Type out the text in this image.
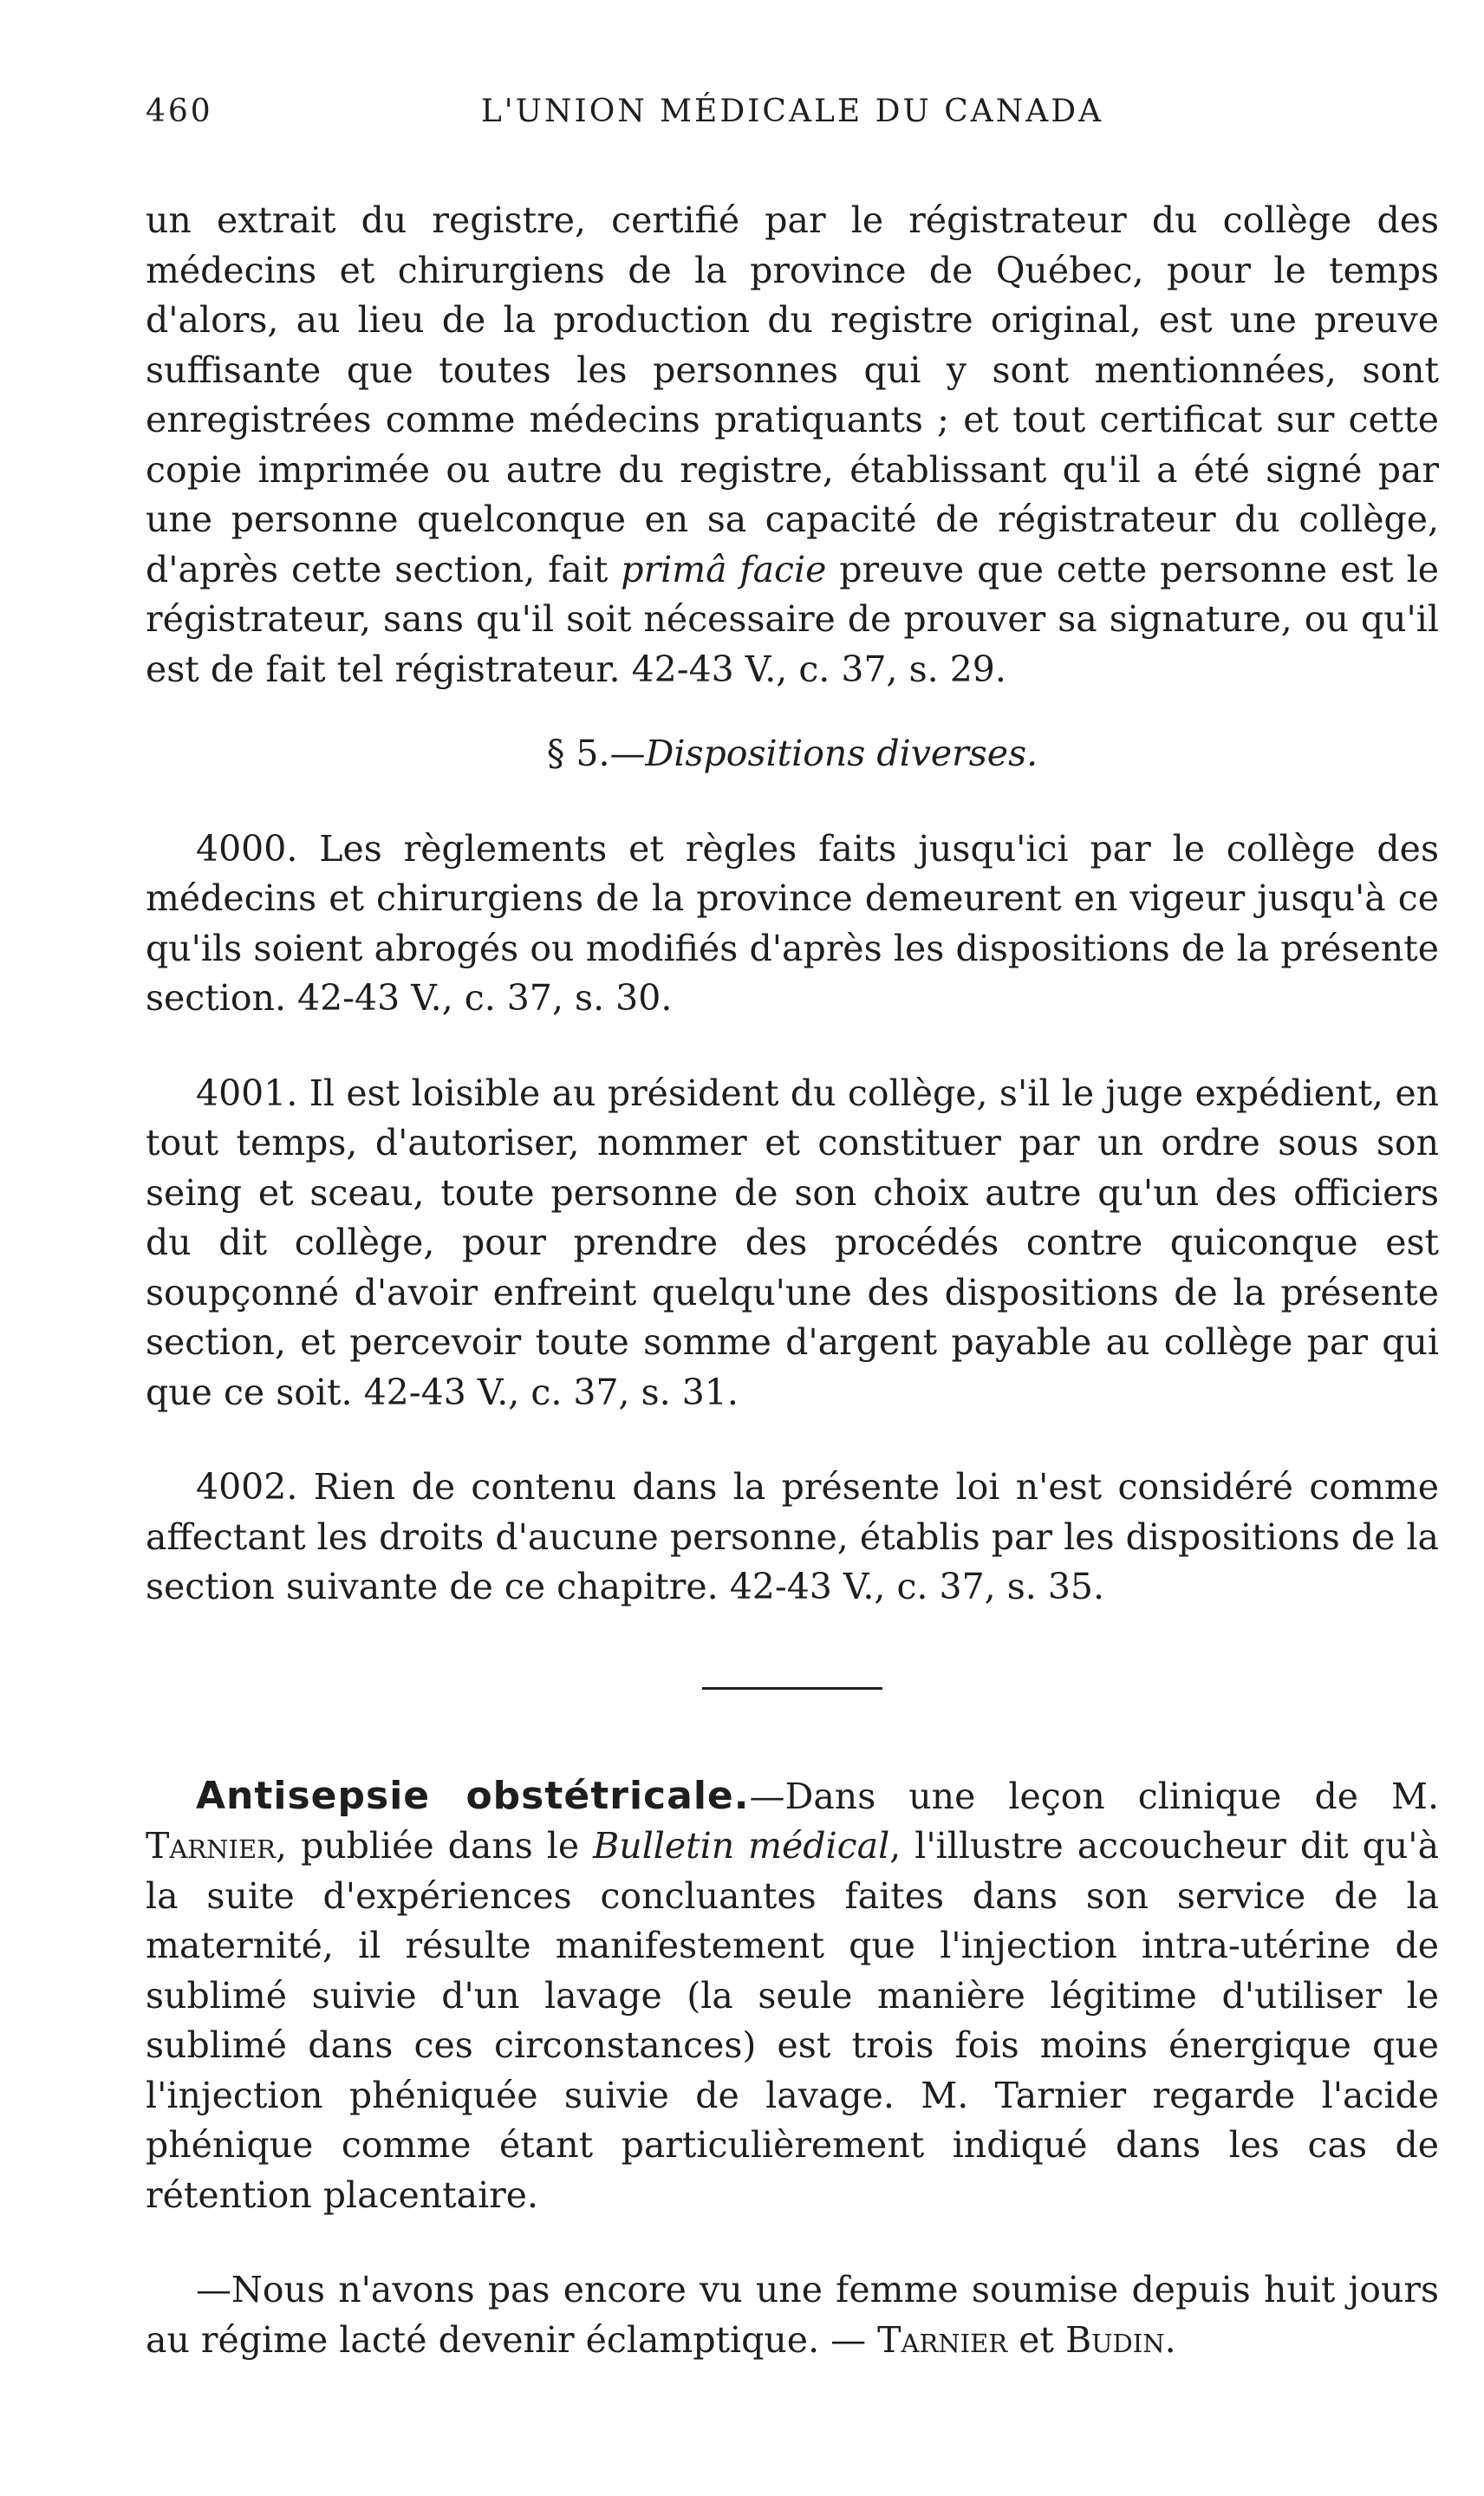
460	L'UNION MÉDICALE DU CANADA

un extrait du registre, certifié par le régistrateur du collège des médecins et chirurgiens de la province de Québec, pour le temps d'alors, au lieu de la production du registre original, est une preuve suffisante que toutes les personnes qui y sont mentionnées, sont enregistrées comme médecins pratiquants ; et tout certificat sur cette copie imprimée ou autre du registre, établissant qu'il a été signé par une personne quelconque en sa capacité de régistrateur du collège, d'après cette section, fait primâ facie preuve que cette personne est le régistrateur, sans qu'il soit nécessaire de prouver sa signature, ou qu'il est de fait tel régistrateur. 42-43 V., c. 37, s. 29.

§ 5.—Dispositions diverses.

4000. Les règlements et règles faits jusqu'ici par le collège des médecins et chirurgiens de la province demeurent en vigeur jusqu'à ce qu'ils soient abrogés ou modifiés d'après les dispositions de la présente section. 42-43 V., c. 37, s. 30.

4001. Il est loisible au président du collège, s'il le juge expédient, en tout temps, d'autoriser, nommer et constituer par un ordre sous son seing et sceau, toute personne de son choix autre qu'un des officiers du dit collège, pour prendre des procédés contre quiconque est soupçonné d'avoir enfreint quelqu'une des dispositions de la présente section, et percevoir toute somme d'argent payable au collège par qui que ce soit. 42-43 V., c. 37, s. 31.

4002. Rien de contenu dans la présente loi n'est considéré comme affectant les droits d'aucune personne, établis par les dispositions de la section suivante de ce chapitre. 42-43 V., c. 37, s. 35.

Antisepsie obstétricale.—Dans une leçon clinique de M. Tarnier, publiée dans le Bulletin médical, l'illustre accoucheur dit qu'à la suite d'expériences concluantes faites dans son service de la maternité, il résulte manifestement que l'injection intra-utérine de sublimé suivie d'un lavage (la seule manière légitime d'utiliser le sublimé dans ces circonstances) est trois fois moins énergique que l'injection phéniquée suivie de lavage. M. Tarnier regarde l'acide phénique comme étant particulièrement indiqué dans les cas de rétention placentaire.

—Nous n'avons pas encore vu une femme soumise depuis huit jours au régime lacté devenir éclamptique. — Tarnier et Budin.
